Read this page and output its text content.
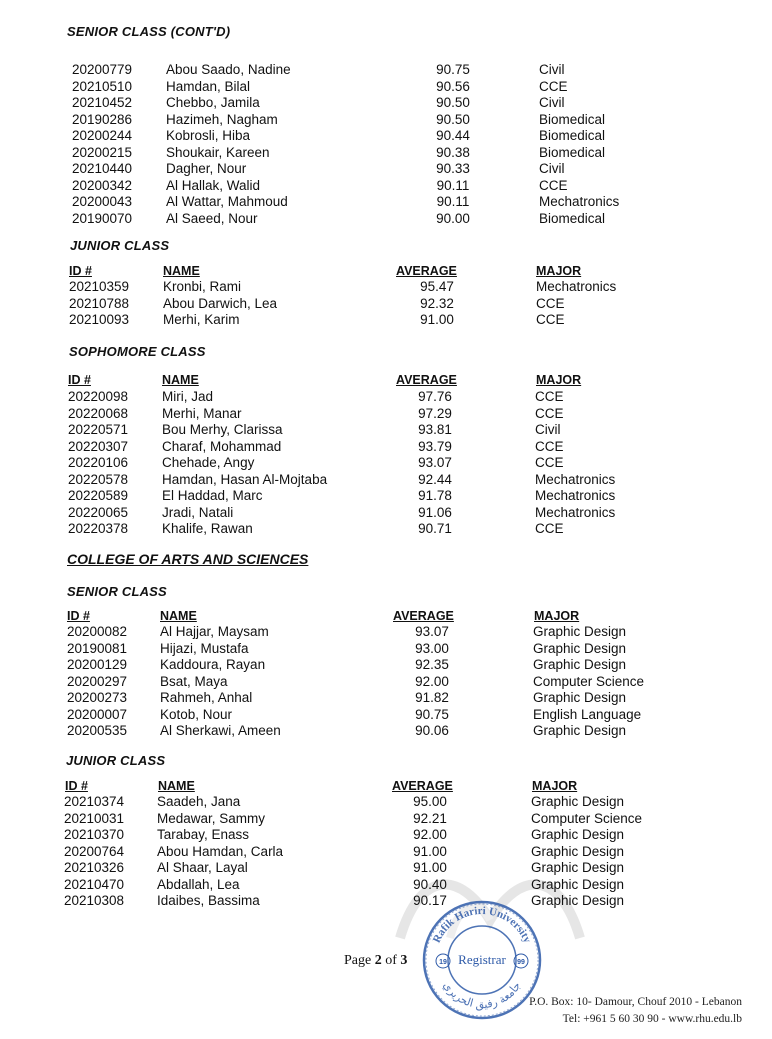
SENIOR CLASS (CONT'D)
20200779	Abou Saado, Nadine	90.75	Civil
20210510	Hamdan, Bilal	90.56	CCE
20210452	Chebbo, Jamila	90.50	Civil
20190286	Hazimeh, Nagham	90.50	Biomedical
20200244	Kobrosli, Hiba	90.44	Biomedical
20200215	Shoukair, Kareen	90.38	Biomedical
20210440	Dagher, Nour	90.33	Civil
20200342	Al Hallak, Walid	90.11	CCE
20200043	Al Wattar, Mahmoud	90.11	Mechatronics
20190070	Al Saeed, Nour	90.00	Biomedical
JUNIOR CLASS
ID #	NAME	AVERAGE	MAJOR
20210359	Kronbi, Rami	95.47	Mechatronics
20210788	Abou Darwich, Lea	92.32	CCE
20210093	Merhi, Karim	91.00	CCE
SOPHOMORE CLASS
ID #	NAME	AVERAGE	MAJOR
20220098	Miri, Jad	97.76	CCE
20220068	Merhi, Manar	97.29	CCE
20220571	Bou Merhy, Clarissa	93.81	Civil
20220307	Charaf, Mohammad	93.79	CCE
20220106	Chehade, Angy	93.07	CCE
20220578	Hamdan, Hasan Al-Mojtaba	92.44	Mechatronics
20220589	El Haddad, Marc	91.78	Mechatronics
20220065	Jradi, Natali	91.06	Mechatronics
20220378	Khalife, Rawan	90.71	CCE
COLLEGE OF ARTS AND SCIENCES
SENIOR CLASS
ID #	NAME	AVERAGE	MAJOR
20200082 Al Hajjar, Maysam	93.07	Graphic Design
20190081 Hijazi, Mustafa	93.00	Graphic Design
20200129 Kaddoura, Rayan	92.35	Graphic Design
20200297 Bsat, Maya	92.00	Computer Science
20200273 Rahmeh, Anhal	91.82	Graphic Design
20200007 Kotob, Nour	90.75	English Language
20200535 Al Sherkawi, Ameen	90.06	Graphic Design
JUNIOR CLASS
ID #	NAME	AVERAGE	MAJOR
20210374 Saadeh, Jana	95.00	Graphic Design
20210031 Medawar, Sammy	92.21	Computer Science
20210370 Tarabay, Enass	92.00	Graphic Design
20200764 Abou Hamdan, Carla	91.00	Graphic Design
20210326 Al Shaar, Layal	91.00	Graphic Design
20210470 Abdallah, Lea	90.40	Graphic Design
20210308 Idaibes, Bassima	90.17	Graphic Design
Page 2 of 3
Rafik Hariri University
جامعة رفيق الحريري
Registrar
19	99
P.O. Box: 10- Damour, Chouf 2010 - Lebanon
Tel: +961 5 60 30 90 - www.rhu.edu.lb
